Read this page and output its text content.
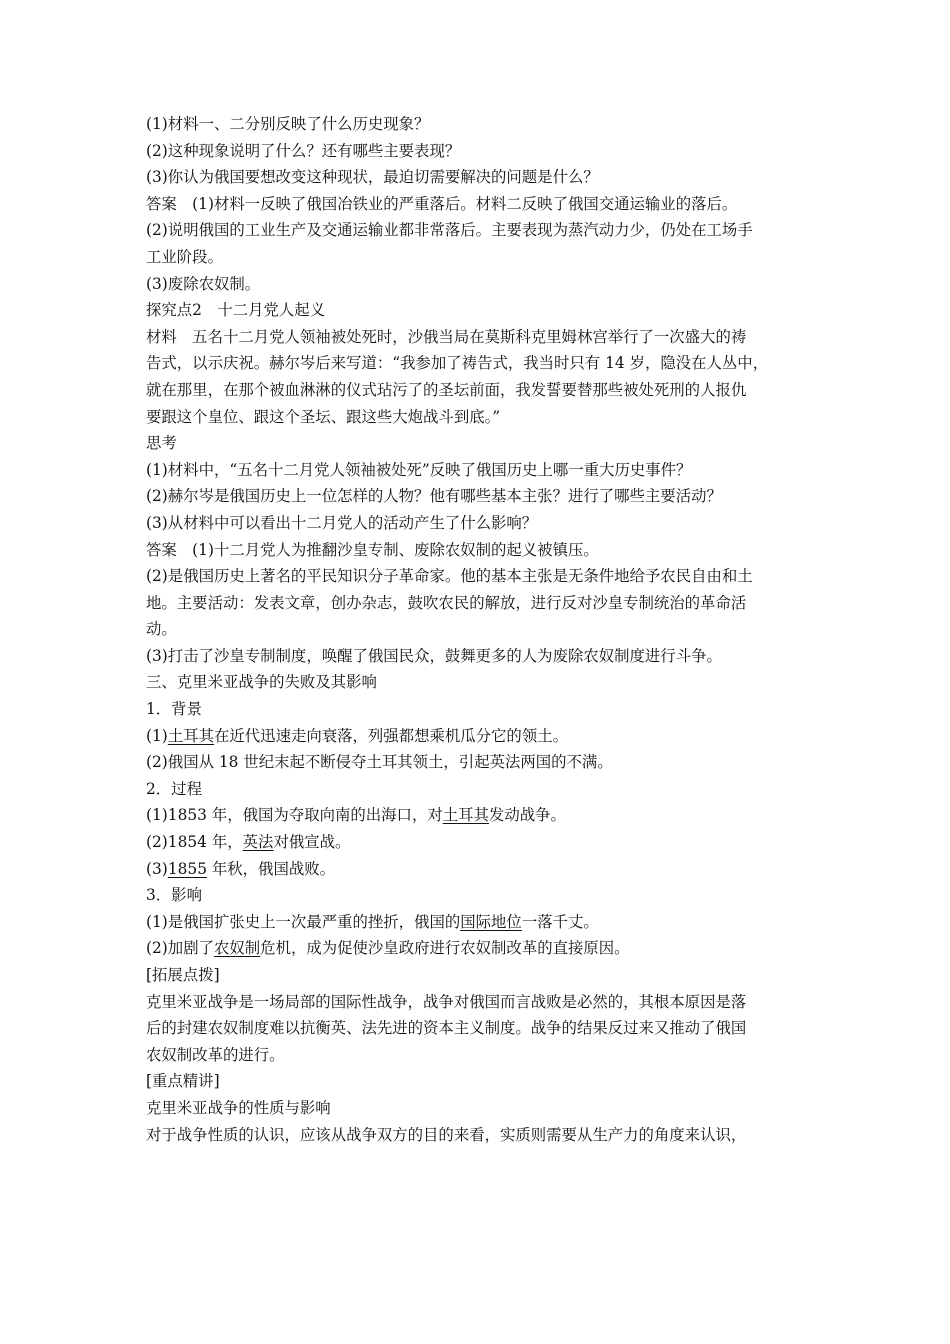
(1)材料一、二分别反映了什么历史现象？
(2)这种现象说明了什么？还有哪些主要表现？
(3)你认为俄国要想改变这种现状，最迫切需要解决的问题是什么？
答案　(1)材料一反映了俄国冶铁业的严重落后。材料二反映了俄国交通运输业的落后。
(2)说明俄国的工业生产及交通运输业都非常落后。主要表现为蒸汽动力少，仍处在工场手
工业阶段。
(3)废除农奴制。
探究点2　十二月党人起义
材料　五名十二月党人领袖被处死时，沙俄当局在莫斯科克里姆林宫举行了一次盛大的祷
告式，以示庆祝。赫尔岑后来写道：“我参加了祷告式，我当时只有 14 岁，隐没在人丛中，
就在那里，在那个被血淋淋的仪式玷污了的圣坛前面，我发誓要替那些被处死刑的人报仇
要跟这个皇位、跟这个圣坛、跟这些大炮战斗到底。”
思考
(1)材料中，“五名十二月党人领袖被处死”反映了俄国历史上哪一重大历史事件？
(2)赫尔岑是俄国历史上一位怎样的人物？他有哪些基本主张？进行了哪些主要活动？
(3)从材料中可以看出十二月党人的活动产生了什么影响？
答案　(1)十二月党人为推翻沙皇专制、废除农奴制的起义被镇压。
(2)是俄国历史上著名的平民知识分子革命家。他的基本主张是无条件地给予农民自由和土
地。主要活动：发表文章，创办杂志，鼓吹农民的解放，进行反对沙皇专制统治的革命活
动。
(3)打击了沙皇专制制度，唤醒了俄国民众，鼓舞更多的人为废除农奴制度进行斗争。
三、克里米亚战争的失败及其影响
1．背景
(1)土耳其在近代迅速走向衰落，列强都想乘机瓜分它的领土。
(2)俄国从 18 世纪末起不断侵夺土耳其领土，引起英法两国的不满。
2．过程
(1)1853 年，俄国为夺取向南的出海口，对土耳其发动战争。
(2)1854 年，英法对俄宣战。
(3)1855 年秋，俄国战败。
3．影响
(1)是俄国扩张史上一次最严重的挫折，俄国的国际地位一落千丈。
(2)加剧了农奴制危机，成为促使沙皇政府进行农奴制改革的直接原因。
[拓展点拨]
克里米亚战争是一场局部的国际性战争，战争对俄国而言战败是必然的，其根本原因是落
后的封建农奴制度难以抗衡英、法先进的资本主义制度。战争的结果反过来又推动了俄国
农奴制改革的进行。
[重点精讲]
克里米亚战争的性质与影响
对于战争性质的认识，应该从战争双方的目的来看，实质则需要从生产力的角度来认识，
